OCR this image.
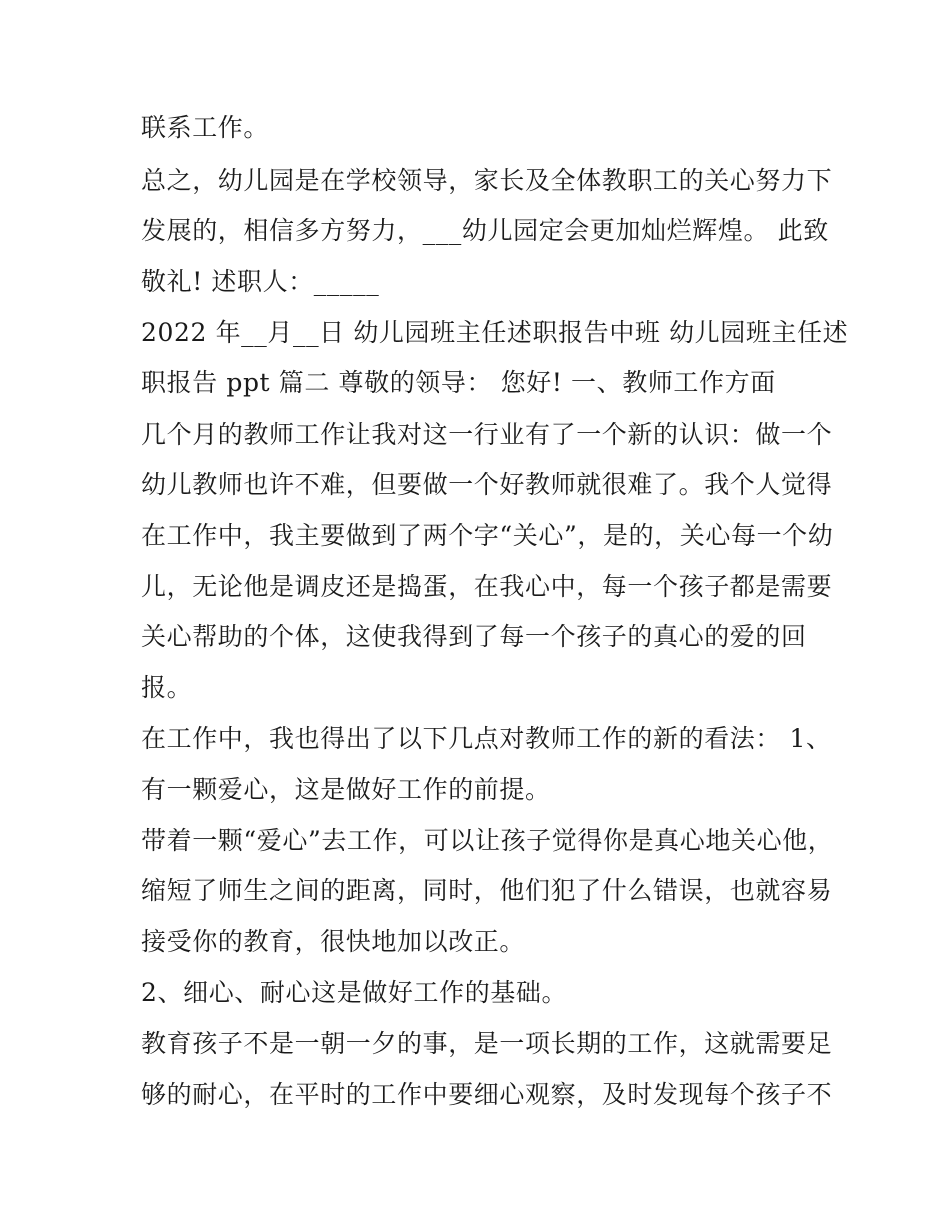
联系工作。
总之，幼儿园是在学校领导，家长及全体教职工的关心努力下
发展的，相信多方努力，___幼儿园定会更加灿烂辉煌。 此致
敬礼! 述职人：_____
2022 年__月__日 幼儿园班主任述职报告中班 幼儿园班主任述
职报告 ppt 篇二 尊敬的领导： 您好! 一、教师工作方面
几个月的教师工作让我对这一行业有了一个新的认识：做一个
幼儿教师也许不难，但要做一个好教师就很难了。我个人觉得
在工作中，我主要做到了两个字“关心”，是的，关心每一个幼
儿，无论他是调皮还是捣蛋，在我心中，每一个孩子都是需要
关心帮助的个体，这使我得到了每一个孩子的真心的爱的回
报。
在工作中，我也得出了以下几点对教师工作的新的看法： 1、
有一颗爱心，这是做好工作的前提。
带着一颗“爱心”去工作，可以让孩子觉得你是真心地关心他，
缩短了师生之间的距离，同时，他们犯了什么错误，也就容易
接受你的教育，很快地加以改正。
2、细心、耐心这是做好工作的基础。
教育孩子不是一朝一夕的事，是一项长期的工作，这就需要足
够的耐心，在平时的工作中要细心观察，及时发现每个孩子不
